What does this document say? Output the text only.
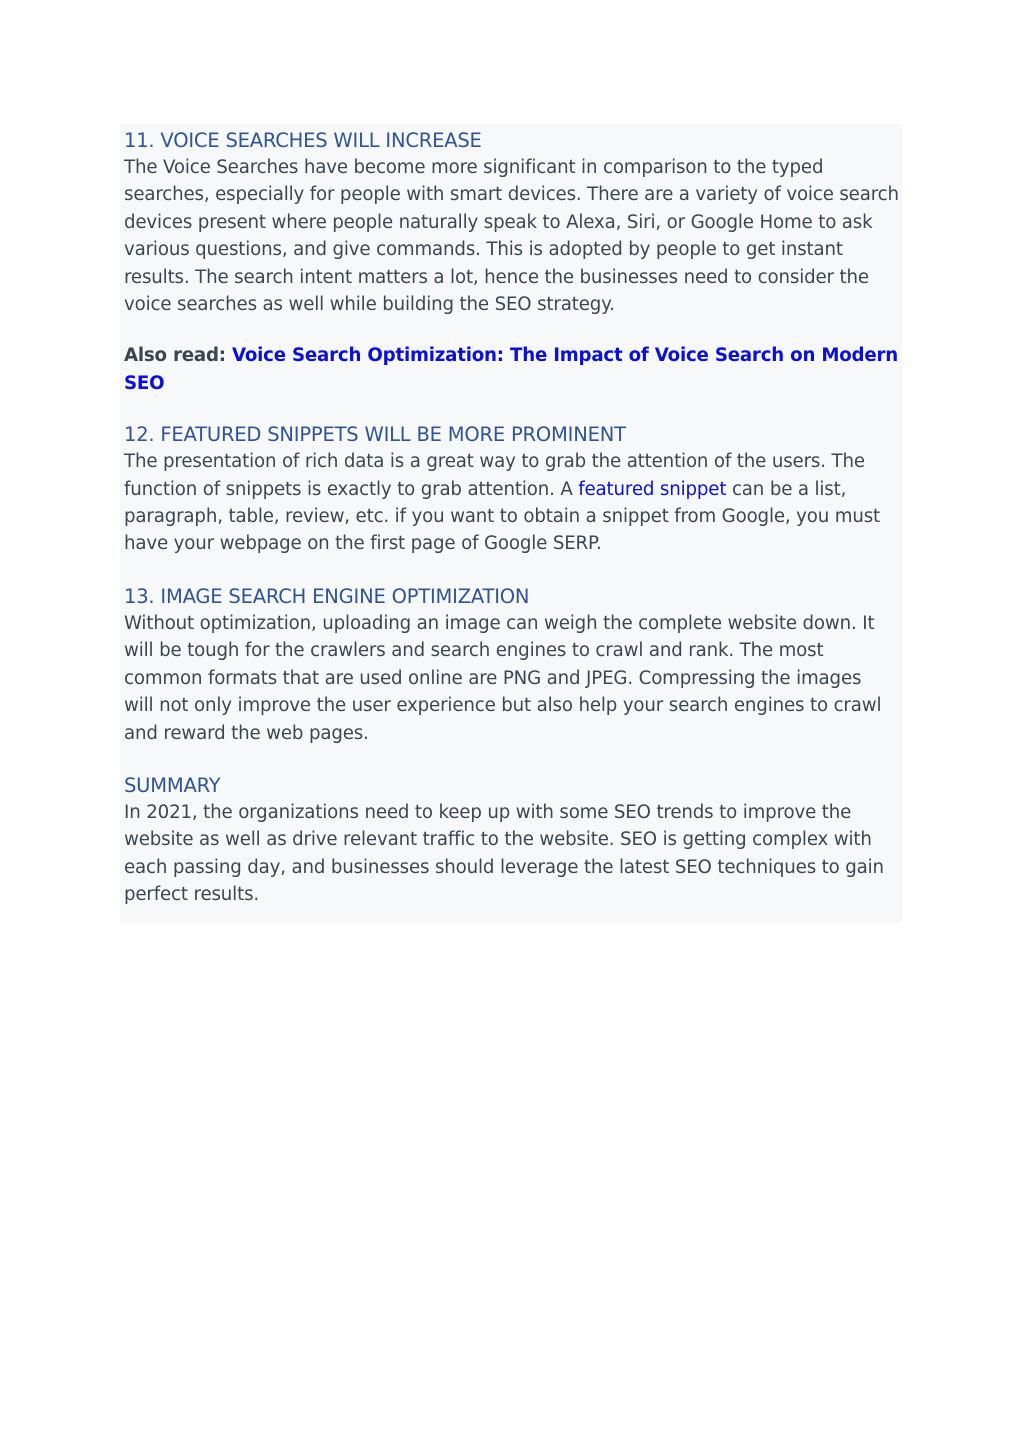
11. VOICE SEARCHES WILL INCREASE

The Voice Searches have become more significant in comparison to the typed
searches, especially for people with smart devices. There are a variety of voice search
devices present where people naturally speak to Alexa, Siri, or Google Home to ask
various questions, and give commands. This is adopted by people to get instant
results. The search intent matters a lot, hence the businesses need to consider the
voice searches as well while building the SEO strategy.

Also read: Voice Search Optimization: The Impact of Voice Search on Modern
SEO
12. FEATURED SNIPPETS WILL BE MORE PROMINENT

The presentation of rich data is a great way to grab the attention of the users. The
function of snippets is exactly to grab attention. A featured snippet can be a list,
paragraph, table, review, etc. if you want to obtain a snippet from Google, you must
have your webpage on the first page of Google SERP.

13. IMAGE SEARCH ENGINE OPTIMIZATION

Without optimization, uploading an image can weigh the complete website down. It
will be tough for the crawlers and search engines to crawl and rank. The most
common formats that are used online are PNG and JPEG. Compressing the images
will not only improve the user experience but also help your search engines to crawl
and reward the web pages.

SUMMARY

In 2021, the organizations need to keep up with some SEO trends to improve the
website as well as drive relevant traffic to the website. SEO is getting complex with
each passing day, and businesses should leverage the latest SEO techniques to gain
perfect results.
